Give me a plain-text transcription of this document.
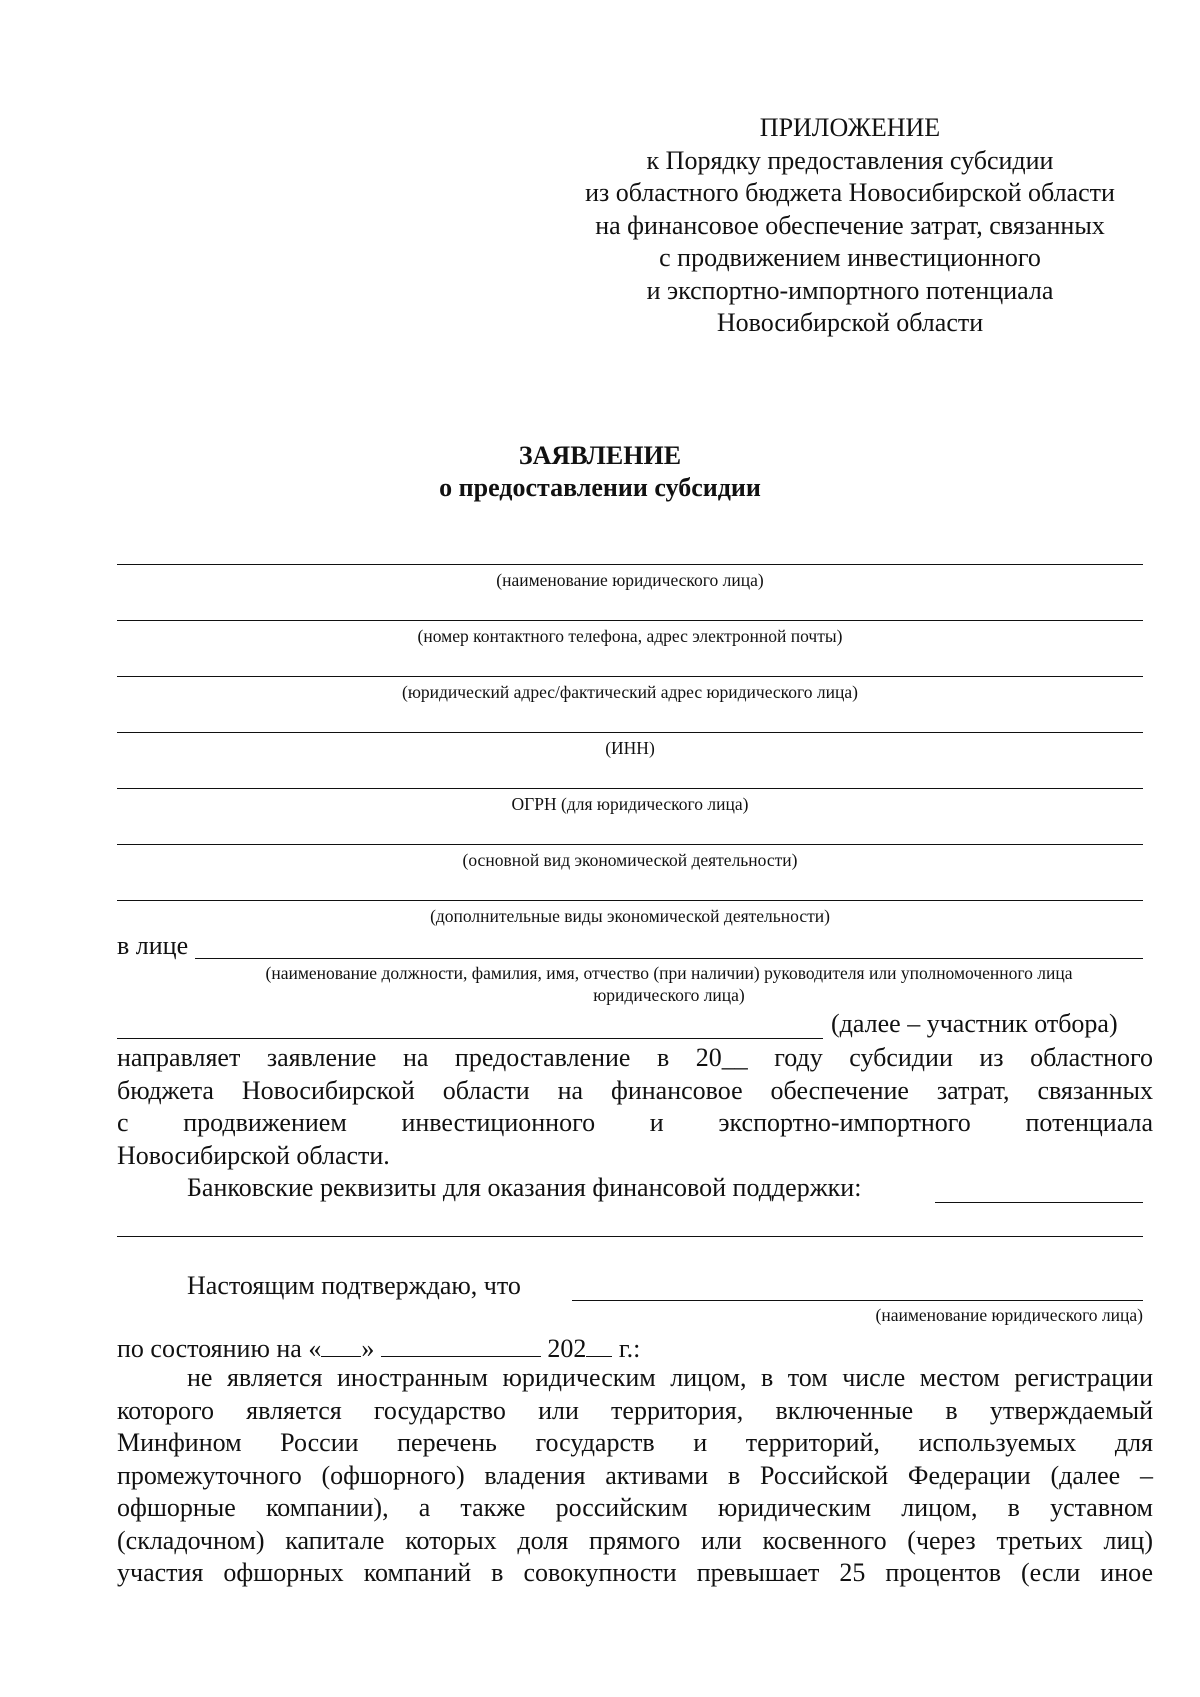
ПРИЛОЖЕНИЕ
к Порядку предоставления субсидии
из областного бюджета Новосибирской области
на финансовое обеспечение затрат, связанных
с продвижением инвестиционного
и экспортно-импортного потенциала
Новосибирской области
ЗАЯВЛЕНИЕ
о предоставлении субсидии
(наименование юридического лица)
(номер контактного телефона, адрес электронной почты)
(юридический адрес/фактический адрес юридического лица)
(ИНН)
ОГРН (для юридического лица)
(основной вид экономической деятельности)
(дополнительные виды экономической деятельности)
в лице
(наименование должности, фамилия, имя, отчество (при наличии) руководителя или уполномоченного лица
юридического лица)
(далее – участник отбора)
направляет заявление на предоставление в 20__ году субсидии из областного
бюджета Новосибирской области на финансовое обеспечение затрат, связанных
с продвижением инвестиционного и экспортно-импортного потенциала
Новосибирской области.
Банковские реквизиты для оказания финансовой поддержки:
Настоящим подтверждаю, что
(наименование юридического лица)
по состоянию на « »	202 г.:
не является иностранным юридическим лицом, в том числе местом регистрации
которого является государство или территория, включенные в утверждаемый
Минфином России перечень государств и территорий, используемых для
промежуточного (офшорного) владения активами в Российской Федерации (далее –
офшорные компании), а также российским юридическим лицом, в уставном
(складочном) капитале которых доля прямого или косвенного (через третьих лиц)
участия офшорных компаний в совокупности превышает 25 процентов (если иное
